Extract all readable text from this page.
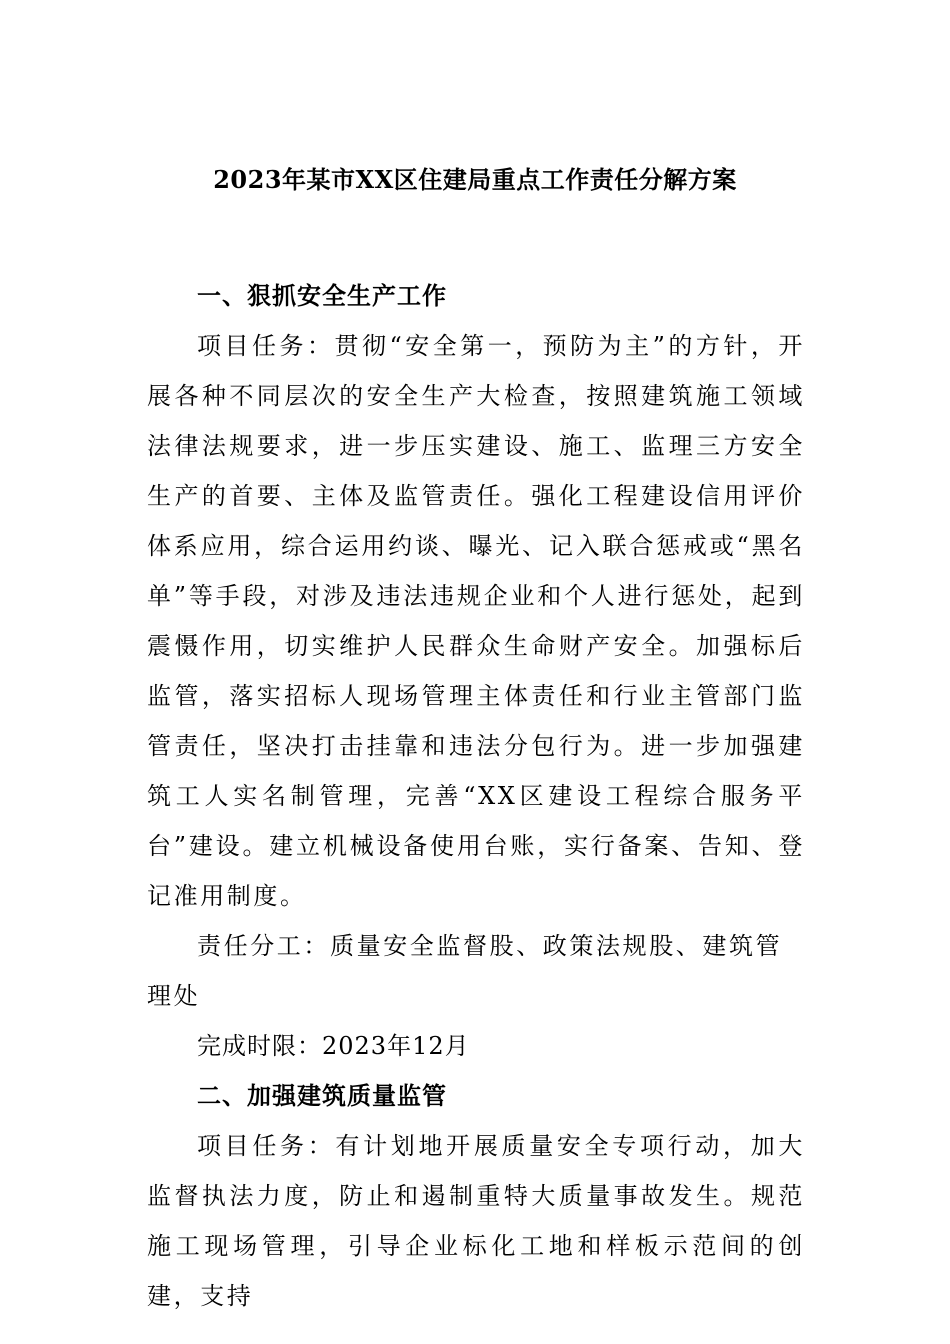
2023年某市XX区住建局重点工作责任分解方案

一、狠抓安全生产工作

项目任务：贯彻“安全第一，预防为主”的方针，开展各种不同层次的安全生产大检查，按照建筑施工领域法律法规要求，进一步压实建设、施工、监理三方安全生产的首要、主体及监管责任。强化工程建设信用评价体系应用，综合运用约谈、曝光、记入联合惩戒或“黑名单”等手段，对涉及违法违规企业和个人进行惩处，起到震慑作用，切实维护人民群众生命财产安全。加强标后监管，落实招标人现场管理主体责任和行业主管部门监管责任，坚决打击挂靠和违法分包行为。进一步加强建筑工人实名制管理，完善“XX区建设工程综合服务平台”建设。建立机械设备使用台账，实行备案、告知、登记准用制度。

责任分工：质量安全监督股、政策法规股、建筑管理处

完成时限：2023年12月

二、加强建筑质量监管

项目任务：有计划地开展质量安全专项行动，加大监督执法力度，防止和遏制重特大质量事故发生。规范施工现场管理，引导企业标化工地和样板示范间的创建，支持
